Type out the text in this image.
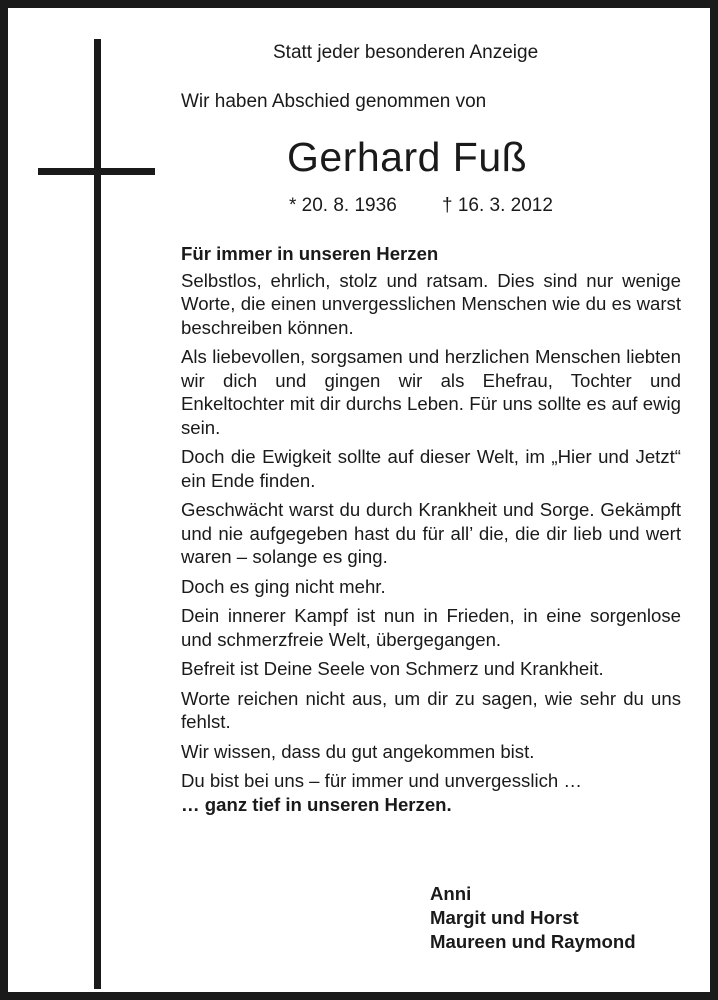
Statt jeder besonderen Anzeige
Wir haben Abschied genommen von
Gerhard Fuß
* 20. 8. 1936 † 16. 3. 2012

Für immer in unseren Herzen

Selbstlos, ehrlich, stolz und ratsam. Dies sind nur wenige Worte, die einen unvergesslichen Menschen wie du es warst beschreiben können.

Als liebevollen, sorgsamen und herzlichen Menschen liebten wir dich und gingen wir als Ehefrau, Tochter und Enkeltochter mit dir durchs Leben. Für uns sollte es auf ewig sein.

Doch die Ewigkeit sollte auf dieser Welt, im „Hier und Jetzt“ ein Ende finden.

Geschwächt warst du durch Krankheit und Sorge. Gekämpft und nie aufgegeben hast du für all’ die, die dir lieb und wert waren – solange es ging.

Doch es ging nicht mehr.

Dein innerer Kampf ist nun in Frieden, in eine sorgenlose und schmerzfreie Welt, übergegangen.

Befreit ist Deine Seele von Schmerz und Krankheit.

Worte reichen nicht aus, um dir zu sagen, wie sehr du uns fehlst.

Wir wissen, dass du gut angekommen bist.

Du bist bei uns – für immer und unvergesslich …

… ganz tief in unseren Herzen.

Anni
Margit und Horst
Maureen und Raymond
